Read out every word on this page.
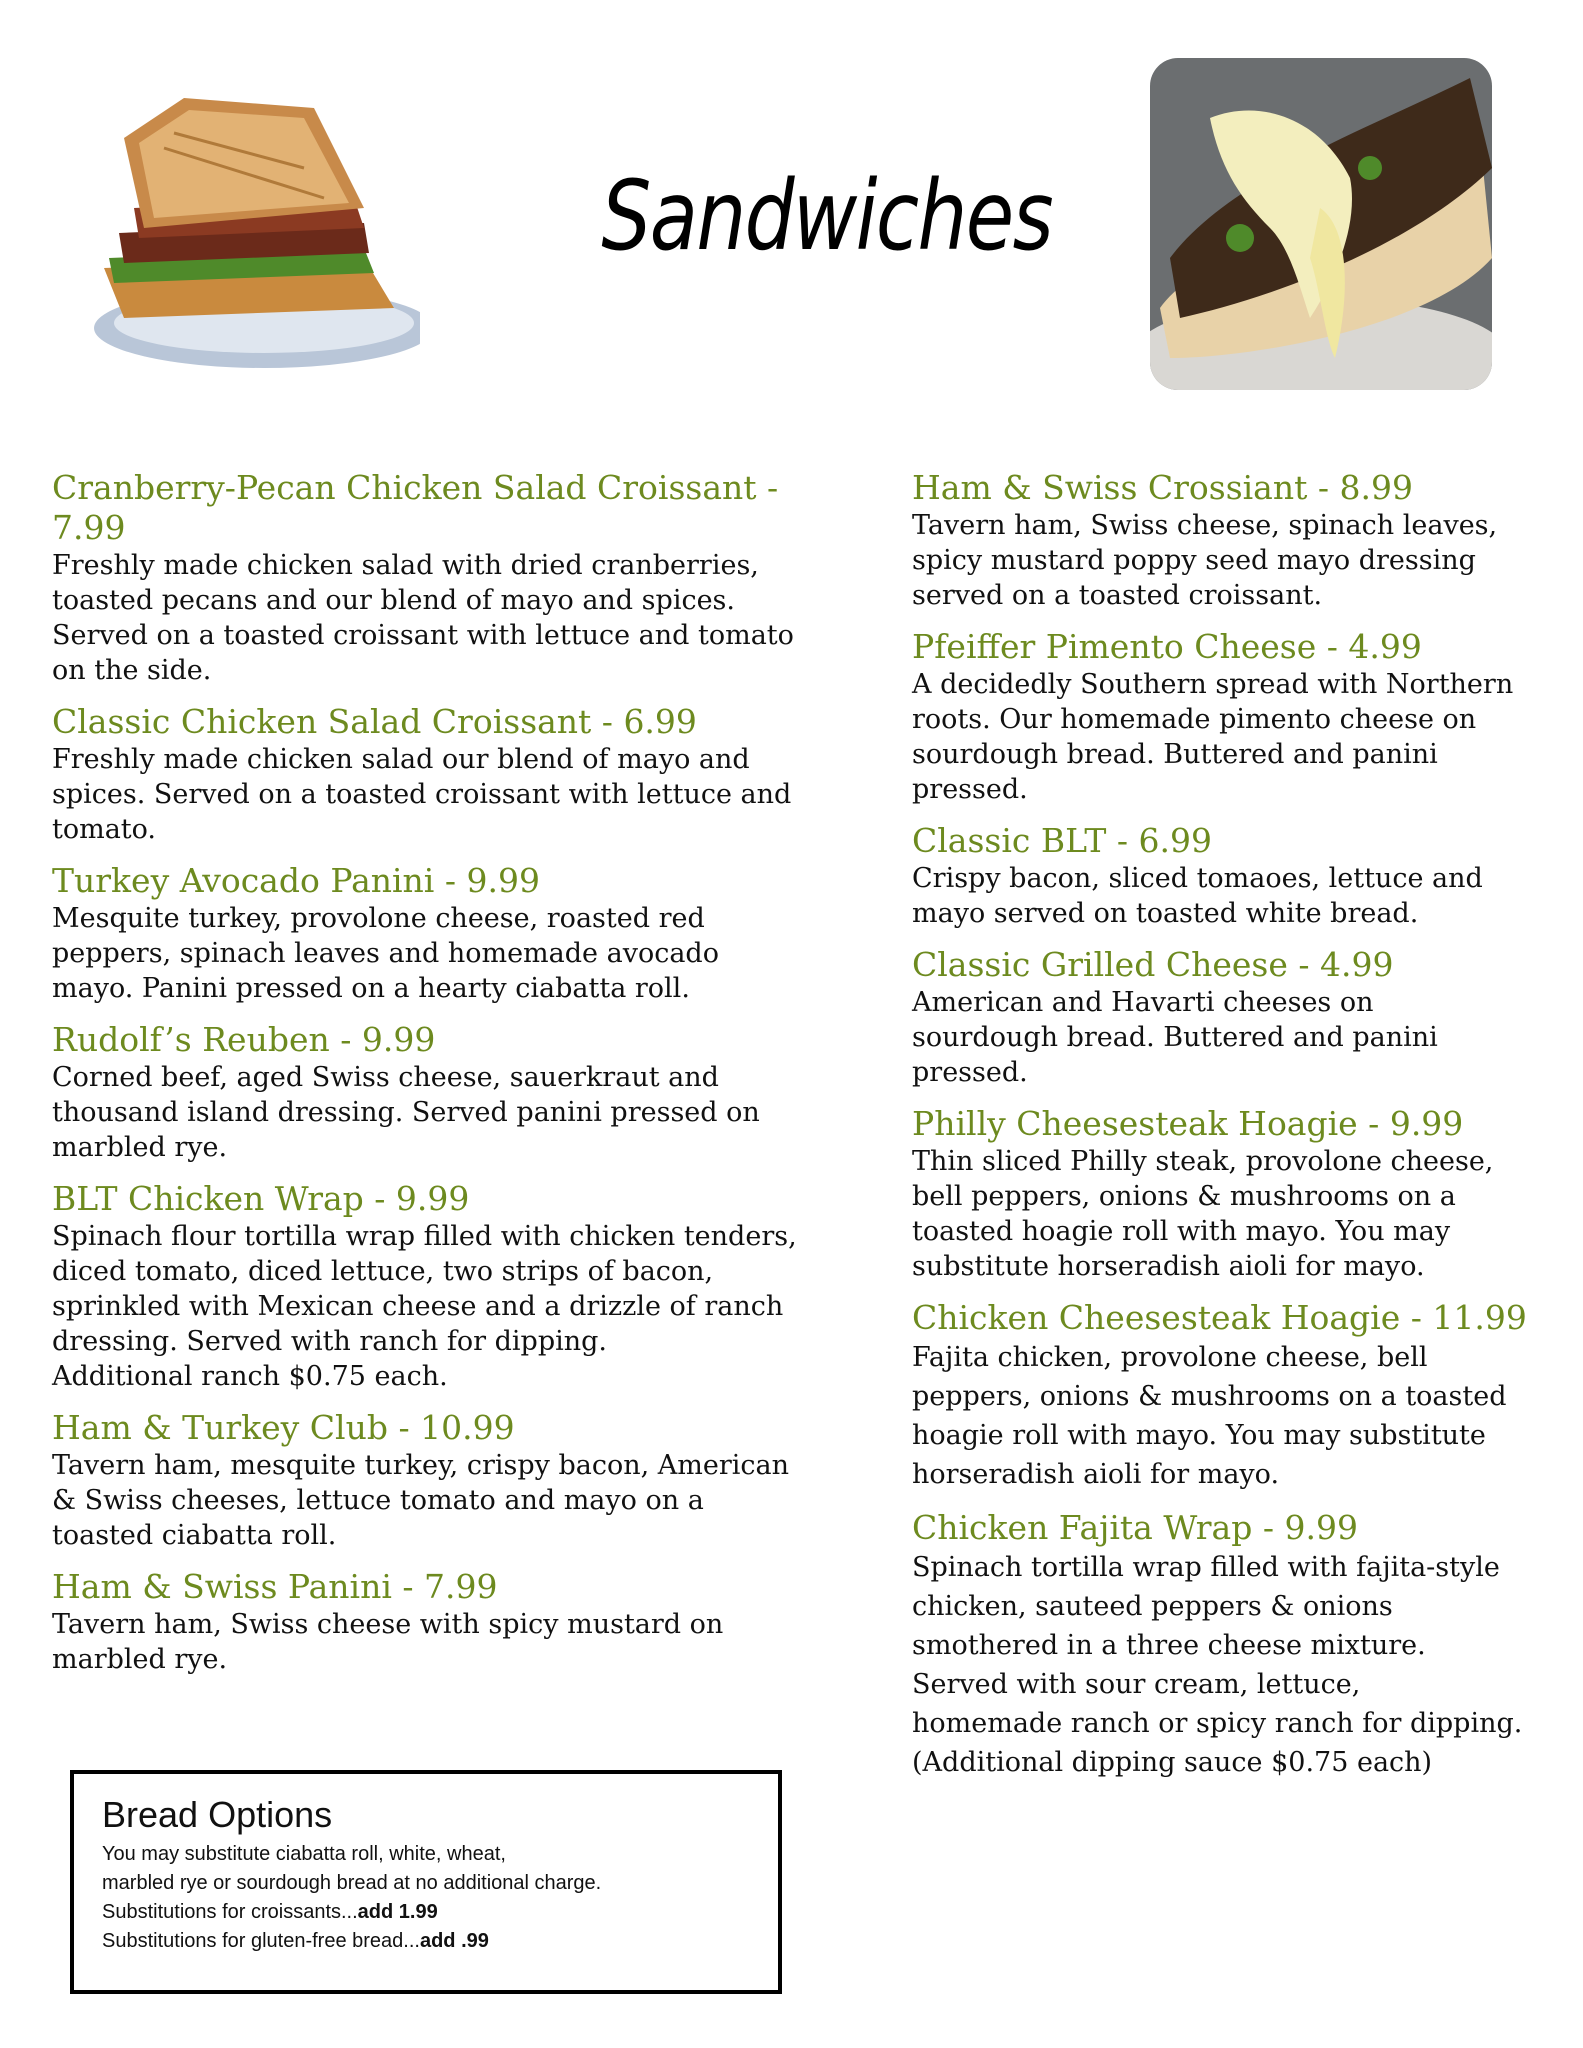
Sandwiches
Cranberry-Pecan Chicken Salad Croissant - 7.99
Freshly made chicken salad with dried cranberries,
toasted pecans and our blend of mayo and spices.
Served on a toasted croissant with lettuce and tomato
on the side.
Classic Chicken Salad Croissant - 6.99
Freshly made chicken salad our blend of mayo and
spices. Served on a toasted croissant with lettuce and
tomato.
Turkey Avocado Panini - 9.99
Mesquite turkey, provolone cheese, roasted red
peppers, spinach leaves and homemade avocado
mayo. Panini pressed on a hearty ciabatta roll.
Rudolf’s Reuben - 9.99
Corned beef, aged Swiss cheese, sauerkraut and
thousand island dressing. Served panini pressed on
marbled rye.
BLT Chicken Wrap - 9.99
Spinach flour tortilla wrap filled with chicken tenders,
diced tomato, diced lettuce, two strips of bacon,
sprinkled with Mexican cheese and a drizzle of ranch
dressing. Served with ranch for dipping.
Additional ranch $0.75 each.
Ham & Turkey Club - 10.99
Tavern ham, mesquite turkey, crispy bacon, American
& Swiss cheeses, lettuce tomato and mayo on a
toasted ciabatta roll.
Ham & Swiss Panini - 7.99
Tavern ham, Swiss cheese with spicy mustard on
marbled rye.
Ham & Swiss Crossiant - 8.99
Tavern ham, Swiss cheese, spinach leaves,
spicy mustard poppy seed mayo dressing
served on a toasted croissant.
Pfeiffer Pimento Cheese - 4.99
A decidedly Southern spread with Northern
roots. Our homemade pimento cheese on
sourdough bread. Buttered and panini
pressed.
Classic BLT - 6.99
Crispy bacon, sliced tomaoes, lettuce and
mayo served on toasted white bread.
Classic Grilled Cheese - 4.99
American and Havarti cheeses on
sourdough bread. Buttered and panini
pressed.
Philly Cheesesteak Hoagie - 9.99
Thin sliced Philly steak, provolone cheese,
bell peppers, onions & mushrooms on a
toasted hoagie roll with mayo. You may
substitute horseradish aioli for mayo.
Chicken Cheesesteak Hoagie - 11.99
Fajita chicken, provolone cheese, bell
peppers, onions & mushrooms on a toasted
hoagie roll with mayo. You may substitute
horseradish aioli for mayo.
Chicken Fajita Wrap - 9.99
Spinach tortilla wrap filled with fajita-style
chicken, sauteed peppers & onions
smothered in a three cheese mixture.
Served with sour cream, lettuce,
homemade ranch or spicy ranch for dipping.
(Additional dipping sauce $0.75 each)
Bread Options
You may substitute ciabatta roll, white, wheat,
marbled rye or sourdough bread at no additional charge.
Substitutions for croissants...add 1.99
Substitutions for gluten-free bread...add .99
